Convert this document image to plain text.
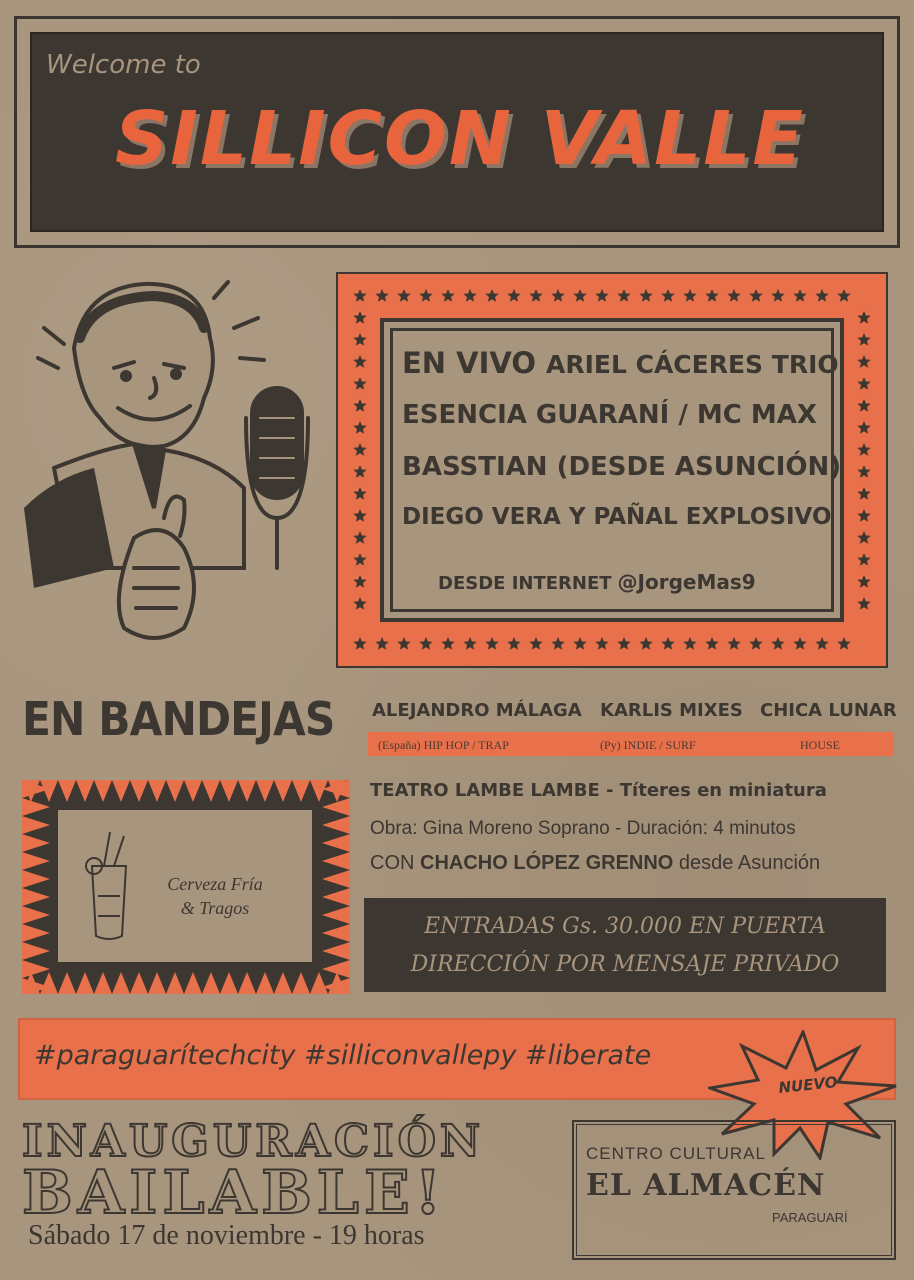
Welcome to
SILLICON VALLE
EN VIVO ARIEL CÁCERES TRIO
ESENCIA GUARANÍ / MC MAX
BASSTIAN (DESDE ASUNCIÓN)
DIEGO VERA Y PAÑAL EXPLOSIVO
DESDE INTERNET @JorgeMas9
EN BANDEJAS ALEJANDRO MÁLAGA KARLIS MIXES CHICA LUNAR
(España) HIP HOP / TRAP	(Py) INDIE / SURF	HOUSE
Cerveza Fría
& Tragos
TEATRO LAMBE LAMBE - Títeres en miniatura
Obra: Gina Moreno Soprano - Duración: 4 minutos
CON CHACHO LÓPEZ GRENNO desde Asunción
ENTRADAS Gs. 30.000 EN PUERTA
DIRECCIÓN POR MENSAJE PRIVADO
#paraguarítechcity #silliconvallepy #liberate
NUEVO
INAUGURACIÓN
BAILABLE!
Sábado 17 de noviembre - 19 horas
CENTRO CULTURAL
EL ALMACÉN
PARAGUARÍ
